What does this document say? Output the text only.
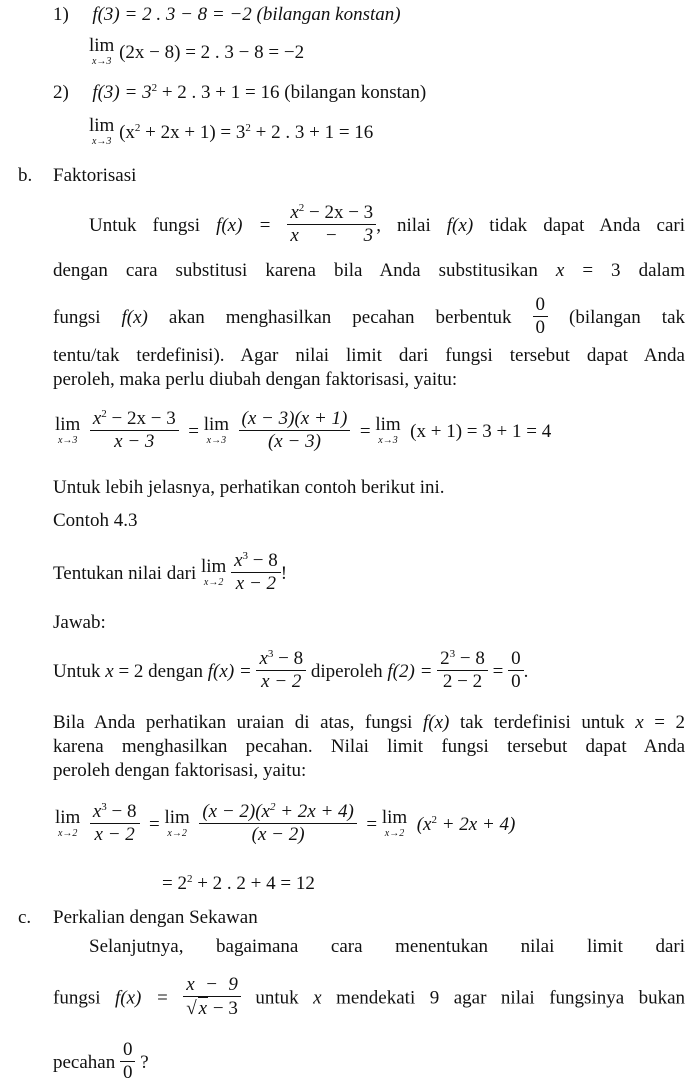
1) f(3) = 2 . 3 − 8 = −2 (bilangan konstan)
lim
x→3 (2x − 8) = 2 . 3 − 8 = −2
2) $f(3) = 3^2 + 2$ . 3 + 1 = 16 (bilangan konstan)
lim
x→3 $(x^2 + 2x + 1) = 3^2 + 2$ . 3 + 1 = 16
b. Faktorisasi
Untuk fungsi $f(x) = \frac{x^2 - 2x - 3}{x - 3}$ , nilai f(x) tidak dapat Anda cari
dengan cara substitusi karena bila Anda substitusikan x = 3 dalam
fungsi f(x) akan menghasilkan pecahan berbentuk $\frac{0}{0}$ (bilangan tak
tentu/tak terdefinisi). Agar nilai limit dari fungsi tersebut dapat Anda
peroleh, maka perlu diubah dengan faktorisasi, yaitu:
lim
x→3
$\frac{x^2 - 2x - 3}{x - 3} = \lim$
x→3
$\frac{(x - 3)(x + 1)}{(x - 3)} = \lim$
x→3 (x + 1) = 3 + 1 = 4
Untuk lebih jelasnya, perhatikan contoh berikut ini.
Contoh 4.3
Tentukan nilai dari lim
x→2
$\frac{x^3 - 8}{x - 2}$ !
Jawab:
Untuk x = 2 dengan $f(x) = \frac{x^3 - 8}{x - 2}$ diperoleh $f(2) = \frac{2^3 - 8}{2 - 2} = \frac{0}{0}$ .
Bila Anda perhatikan uraian di atas, fungsi f(x) tak terdefinisi untuk x = 2
karena menghasilkan pecahan. Nilai limit fungsi tersebut dapat Anda
peroleh dengan faktorisasi, yaitu:
lim
x→2
$\frac{x^3 - 8}{x - 2} = \lim$
x→2
$\frac{(x - 2)(x^2 + 2x + 4)}{(x - 2)} = \lim$
x→2 $(x^2 + 2x + 4)$
= $2^2 + 2$ . 2 + 4 = 12
c. Perkalian dengan Sekawan
Selanjutnya, bagaimana cara menentukan nilai limit dari
fungsi $f(x) = \frac{x - 9}{√ x - 3}$ untuk x mendekati 9 agar nilai fungsinya bukan
pecahan $\frac{0}{0}$ ?
